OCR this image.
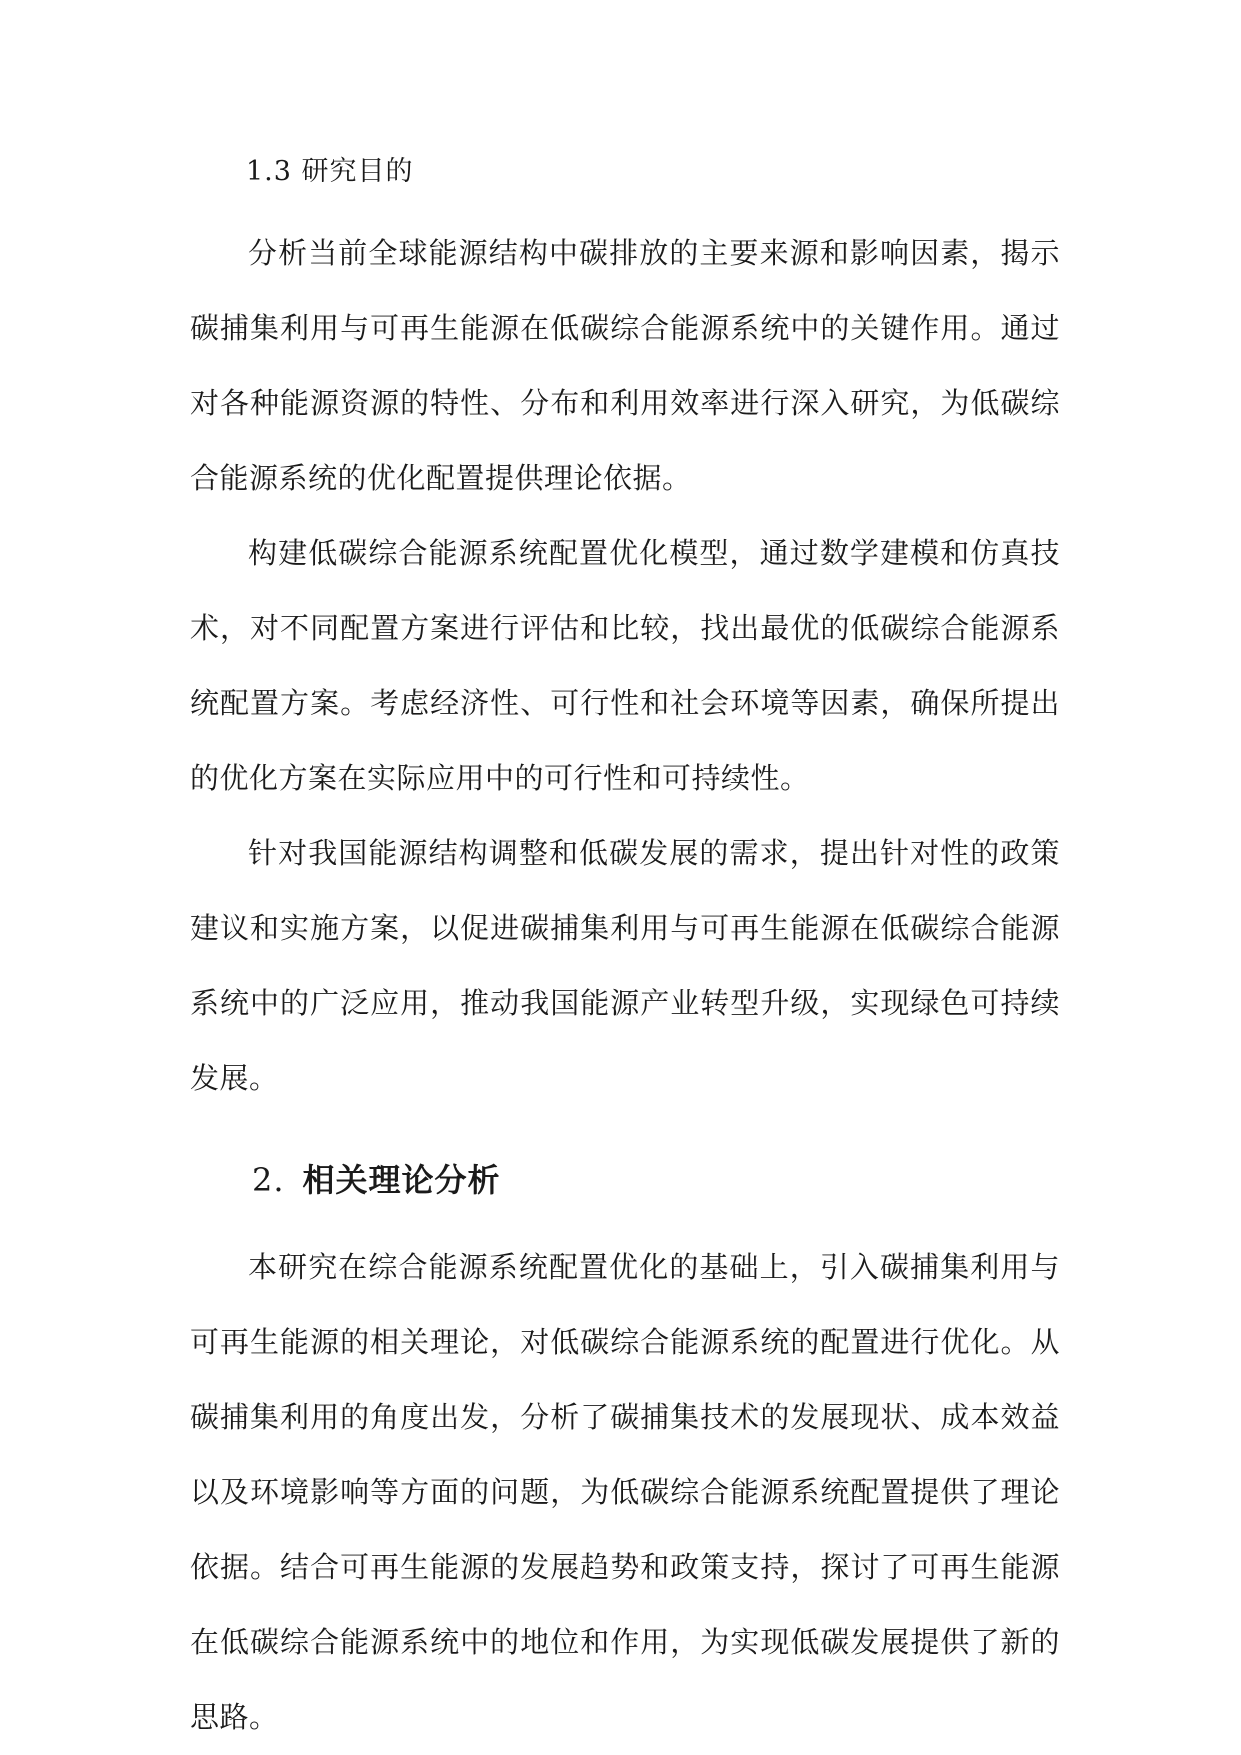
1.3 研究目的

分析当前全球能源结构中碳排放的主要来源和影响因素，揭示碳捕集利用与可再生能源在低碳综合能源系统中的关键作用。通过对各种能源资源的特性、分布和利用效率进行深入研究，为低碳综合能源系统的优化配置提供理论依据。

构建低碳综合能源系统配置优化模型，通过数学建模和仿真技术，对不同配置方案进行评估和比较，找出最优的低碳综合能源系统配置方案。考虑经济性、可行性和社会环境等因素，确保所提出的优化方案在实际应用中的可行性和可持续性。

针对我国能源结构调整和低碳发展的需求，提出针对性的政策建议和实施方案，以促进碳捕集利用与可再生能源在低碳综合能源系统中的广泛应用，推动我国能源产业转型升级，实现绿色可持续发展。

2. 相关理论分析

本研究在综合能源系统配置优化的基础上，引入碳捕集利用与可再生能源的相关理论，对低碳综合能源系统的配置进行优化。从碳捕集利用的角度出发，分析了碳捕集技术的发展现状、成本效益以及环境影响等方面的问题，为低碳综合能源系统配置提供了理论依据。结合可再生能源的发展趋势和政策支持，探讨了可再生能源在低碳综合能源系统中的地位和作用，为实现低碳发展提供了新的思路。
